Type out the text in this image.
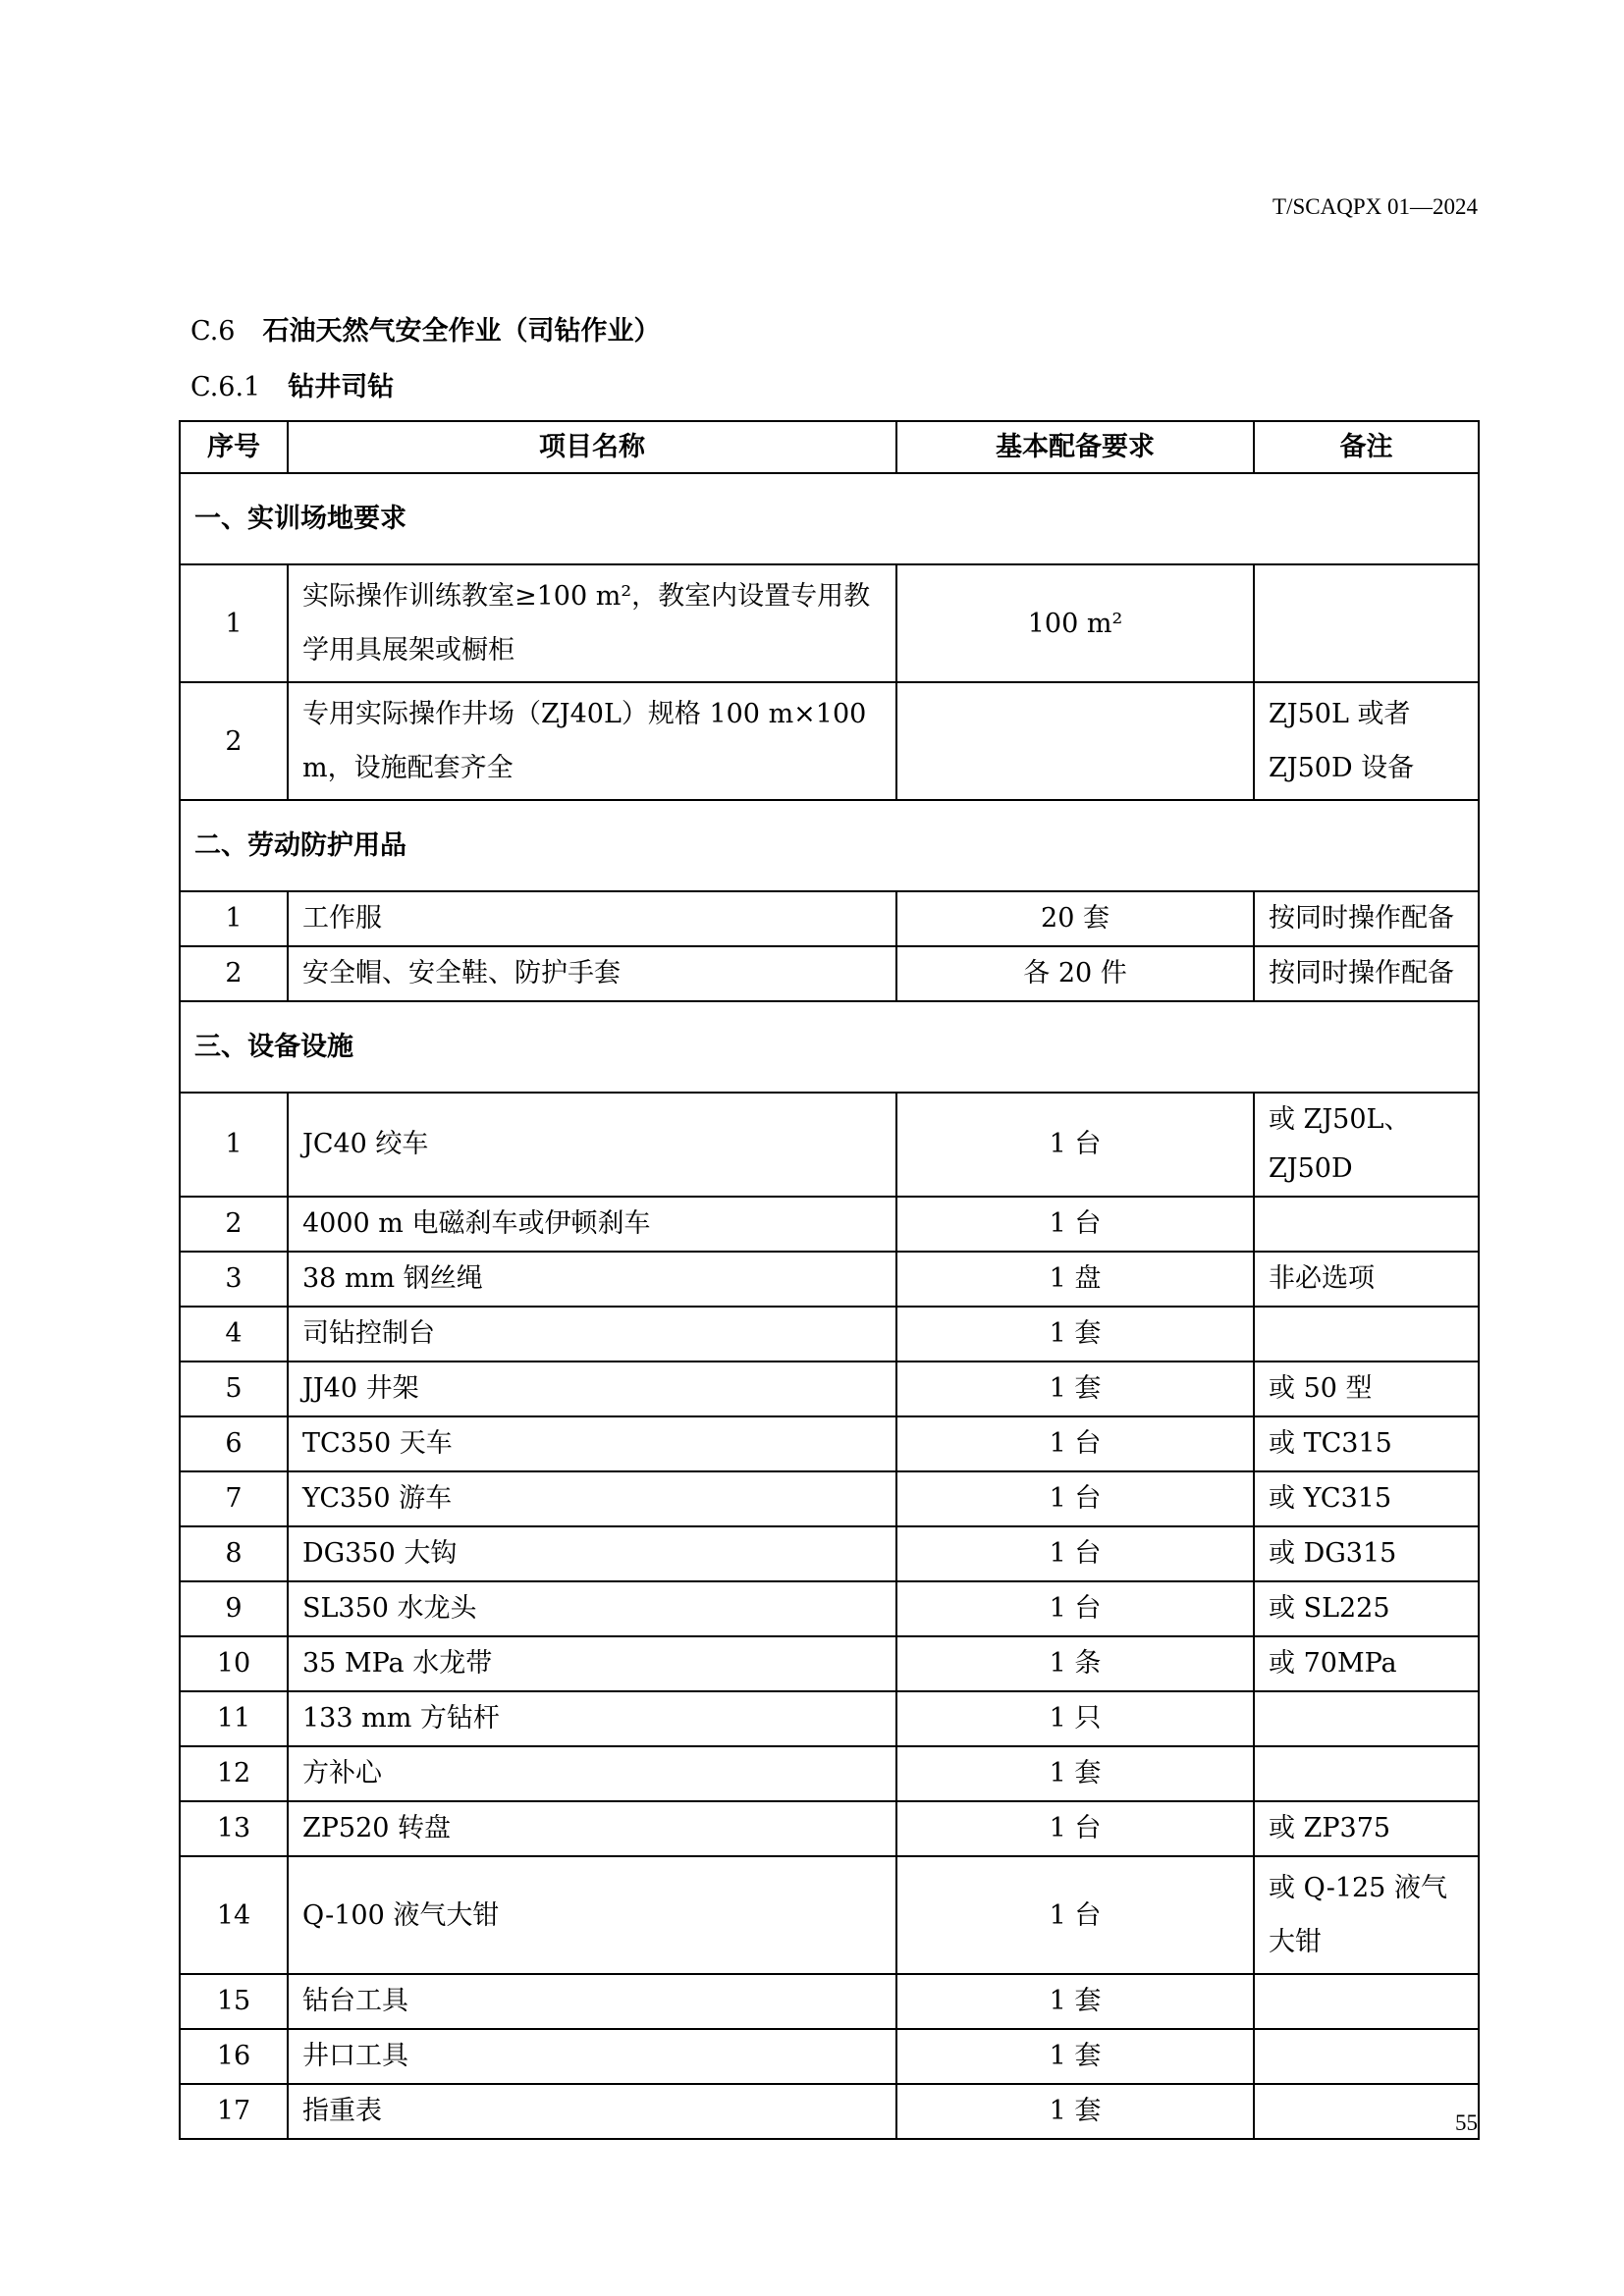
T/SCAQPX 01—2024
C.6 石油天然气安全作业（司钻作业）
C.6.1 钻井司钻
序号	项目名称	基本配备要求	备注
一、实训场地要求			
1	实际操作训练教室≥100 m²，教室内设置专用教学用具展架或橱柜	100 m²	
2	专用实际操作井场（ZJ40L）规格 100 m×100 m，设施配套齐全		ZJ50L 或者 ZJ50D 设备
二、劳动防护用品			
1	工作服	20 套	按同时操作配备
2	安全帽、安全鞋、防护手套	各 20 件	按同时操作配备
三、设备设施			
1	JC40 绞车	1 台	或 ZJ50L、ZJ50D
2	4000 m 电磁刹车或伊顿刹车	1 台	
3	38 mm 钢丝绳	1 盘	非必选项
4	司钻控制台	1 套	
5	JJ40 井架	1 套	或 50 型
6	TC350 天车	1 台	或 TC315
7	YC350 游车	1 台	或 YC315
8	DG350 大钩	1 台	或 DG315
9	SL350 水龙头	1 台	或 SL225
10	35 MPa 水龙带	1 条	或 70MPa
11	133 mm 方钻杆	1 只	
12	方补心	1 套	
13	ZP520 转盘	1 台	或 ZP375
14	Q-100 液气大钳	1 台	或 Q-125 液气大钳
15	钻台工具	1 套	
16	井口工具	1 套	
17	指重表	1 套		55
